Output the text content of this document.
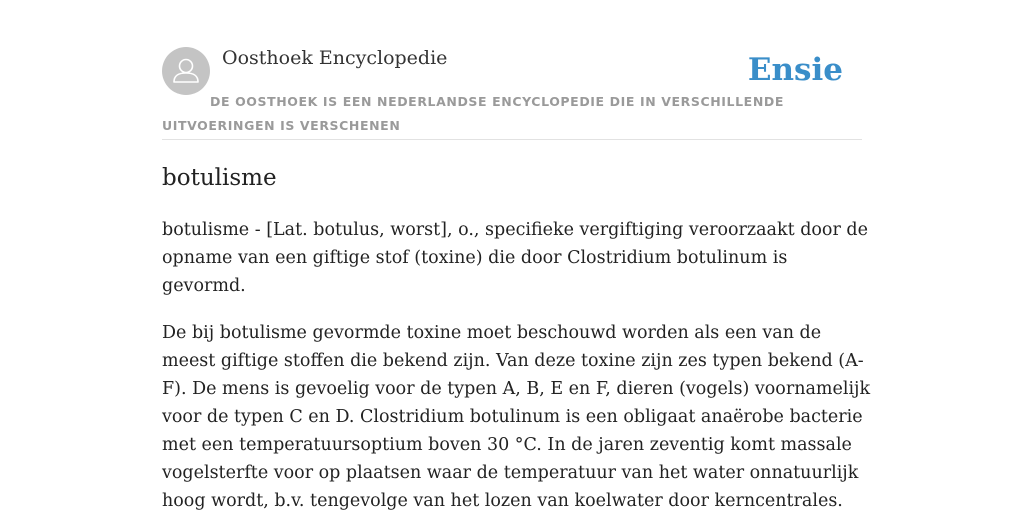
Oosthoek Encyclopedie	Ensie
DE OOSTHOEK IS EEN NEDERLANDSE ENCYCLOPEDIE DIE IN VERSCHILLENDE UITVOERINGEN IS VERSCHENEN
botulisme

botulisme - [Lat. botulus, worst], o., specifieke vergiftiging veroorzaakt door de opname van een giftige stof (toxine) die door Clostridium botulinum is gevormd.

De bij botulisme gevormde toxine moet beschouwd worden als een van de meest giftige stoffen die bekend zijn. Van deze toxine zijn zes typen bekend (A-F). De mens is gevoelig voor de typen A, B, E en F, dieren (vogels) voornamelijk voor de typen C en D. Clostridium botulinum is een obligaat anaërobe bacterie met een temperatuursoptium boven 30 °C. In de jaren zeventig komt massale vogelsterfte voor op plaatsen waar de temperatuur van het water onnatuurlijk hoog wordt, b.v. tengevolge van het lozen van koelwater door kerncentrales.
